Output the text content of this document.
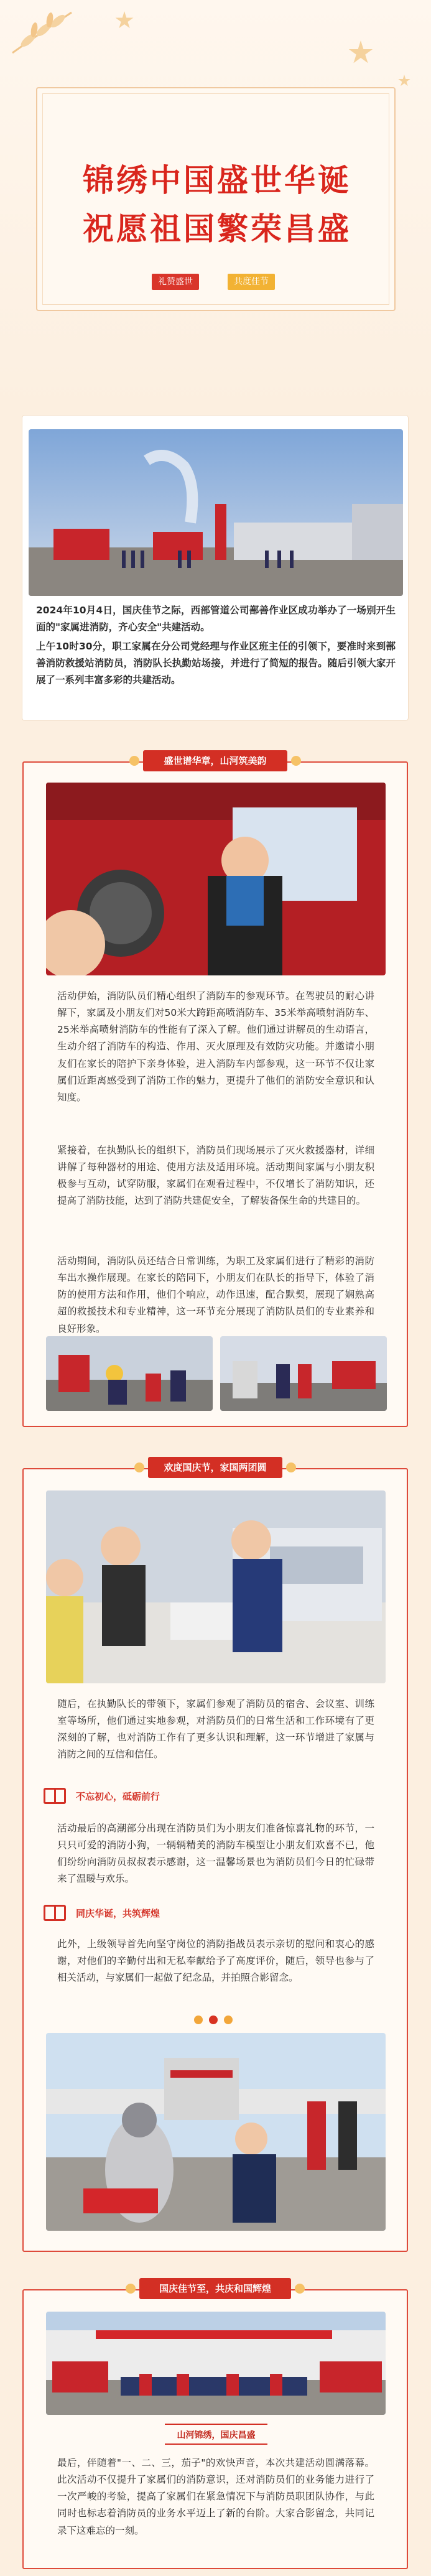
锦绣中国盛世华诞
祝愿祖国繁荣昌盛
礼赞盛世	共度佳节

2024年10月4日，国庆佳节之际，西部管道公司鄯善作业区成功举办了一场别开生面的"家属进消防，齐心安全"共建活动。

上午10时30分，职工家属在分公司党经理与作业区班主任的引领下，要准时来到鄯善消防救援站消防员，消防队长执勤站场接，并进行了简短的报告。随后引领大家开展了一系列丰富多彩的共建活动。

盛世谱华章，山河筑美韵

活动伊始，消防队员们精心组织了消防车的参观环节。在驾驶员的耐心讲解下，家属及小朋友们对50米大跨距高喷消防车、35米举高喷射消防车、25米举高喷射消防车的性能有了深入了解。他们通过讲解员的生动语言，生动介绍了消防车的构造、作用、灭火原理及有效防灾功能。并邀请小朋友们在家长的陪护下亲身体验，进入消防车内部参观，这一环节不仅让家属们近距离感受到了消防工作的魅力，更提升了他们的消防安全意识和认知度。

紧接着，在执勤队长的组织下，消防员们现场展示了灭火救援器材，详细讲解了每种器材的用途、使用方法及适用环境。活动期间家属与小朋友积极参与互动，试穿防服，家属们在观看过程中，不仅增长了消防知识，还提高了消防技能，达到了消防共建促安全，了解装备保生命的共建目的。

活动期间，消防队员还结合日常训练，为职工及家属们进行了精彩的消防车出水操作展现。在家长的陪同下，小朋友们在队长的指导下，体验了消防的使用方法和作用，他们个响应，动作迅速，配合默契，展现了娴熟高超的救援技术和专业精神，这一环节充分展现了消防队员们的专业素养和良好形象。

欢度国庆节，家国两团圆

随后，在执勤队长的带领下，家属们参观了消防员的宿舍、会议室、训练室等场所，他们通过实地参观，对消防员们的日常生活和工作环境有了更深刻的了解，也对消防工作有了更多认识和理解，这一环节增进了家属与消防之间的互信和信任。

不忘初心，砥砺前行

活动最后的高潮部分出现在消防员们为小朋友们准备惊喜礼物的环节，一只只可爱的消防小狗，一辆辆精美的消防车模型让小朋友们欢喜不已，他们纷纷向消防员叔叔表示感谢，这一温馨场景也为消防员们今日的忙碌带来了温暖与欢乐。

同庆华诞，共筑辉煌

此外，上级领导首先向坚守岗位的消防指战员表示亲切的慰问和衷心的感谢，对他们的辛勤付出和无私奉献给予了高度评价，随后，领导也参与了相关活动，与家属们一起做了纪念品，并拍照合影留念。

国庆佳节至，共庆和国辉煌
山河锦绣，国庆昌盛

最后，伴随着"一、二、三，茄子"的欢快声音，本次共建活动圆满落幕。此次活动不仅提升了家属们的消防意识，还对消防员们的业务能力进行了一次严峻的考验，提高了家属们在紧急情况下与消防员职团队协作，与此同时也标志着消防员的业务水平迈上了新的台阶。大家合影留念，共同记录下这难忘的一刻。
